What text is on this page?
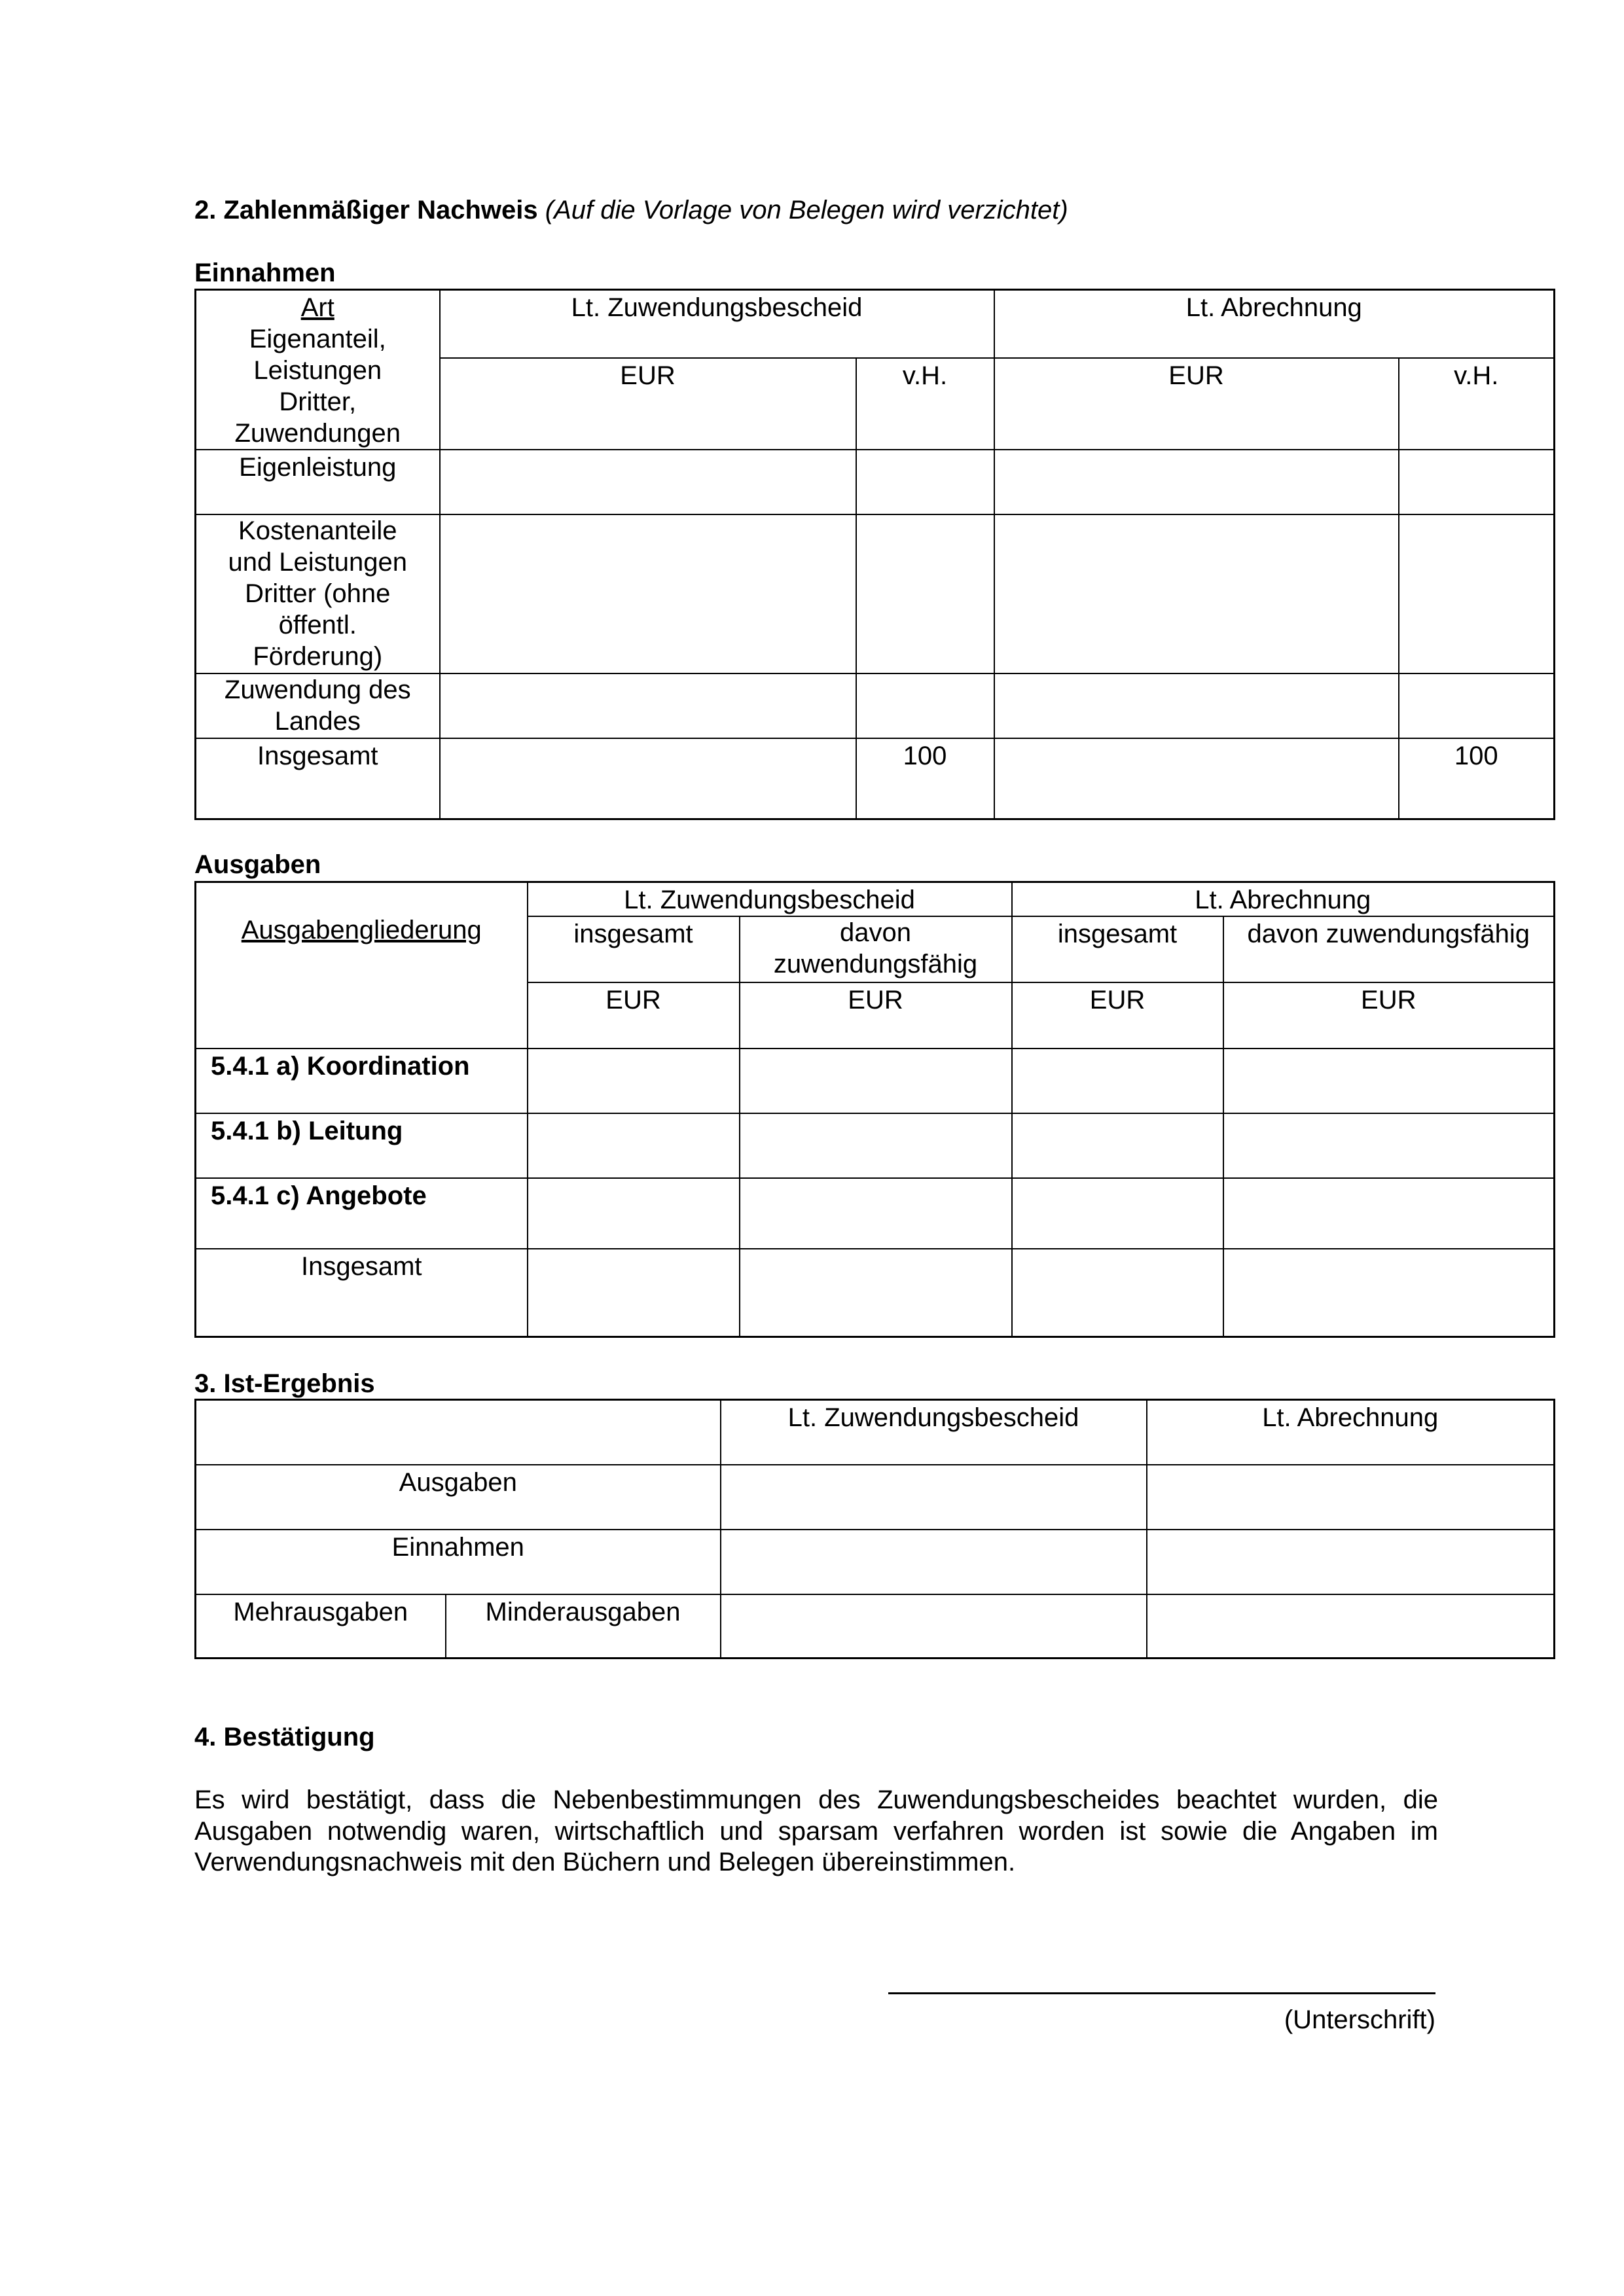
2. Zahlenmäßiger Nachweis (Auf die Vorlage von Belegen wird verzichtet)
Einnahmen
Art
Eigenanteil,
Leistungen
Dritter,
Zuwendungen	Lt. Zuwendungsbescheid		Lt. Abrechnung	
	EUR	v.H.	EUR	v.H.
Eigenleistung				
Kostenanteile und Leistungen Dritter (ohne öffentl. Förderung)				
Zuwendung des Landes				
Insgesamt		100		100
Ausgaben
Ausgabengliederung	Lt. Zuwendungsbescheid		Lt. Abrechnung	
	insgesamt	davon zuwendungsfähig	insgesamt	davon zuwendungsfähig
	EUR	EUR	EUR	EUR
5.4.1 a) Koordination				
5.4.1 b) Leitung				
5.4.1 c) Angebote				
Insgesamt				
3. Ist-Ergebnis
		Lt. Zuwendungsbescheid	Lt. Abrechnung
Ausgaben			
Einnahmen			
Mehrausgaben	Minderausgaben		
4. Bestätigung
Es wird bestätigt, dass die Nebenbestimmungen des Zuwendungsbescheides beachtet wurden, die Ausgaben notwendig waren, wirtschaftlich und sparsam verfahren worden ist sowie die Angaben im Verwendungsnachweis mit den Büchern und Belegen übereinstimmen.
(Unterschrift)
